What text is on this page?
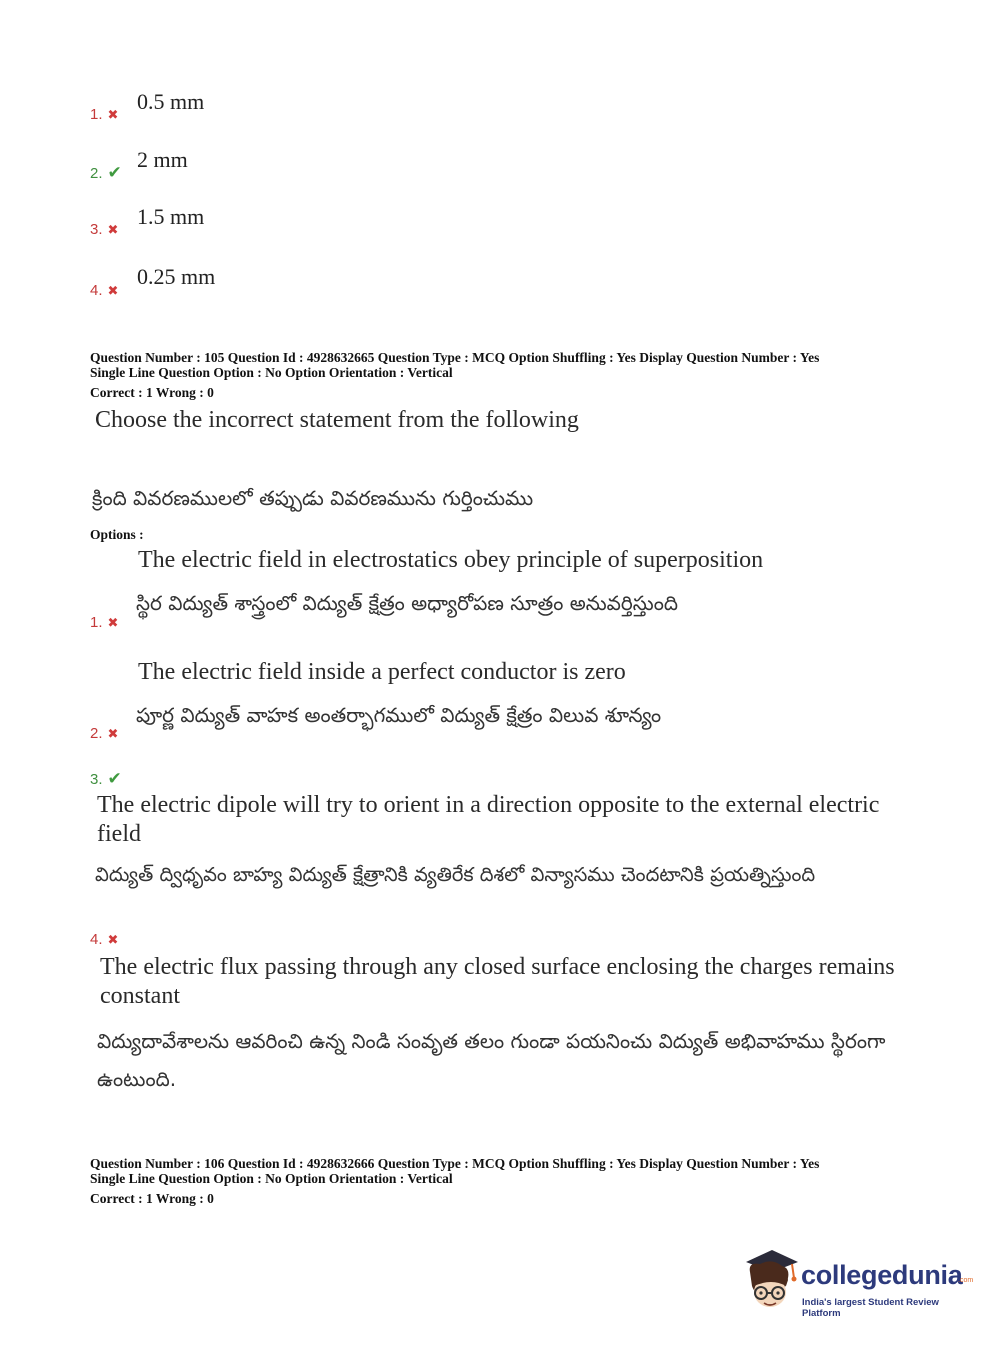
1. ✖
0.5 mm
2. ✔
2 mm
3. ✖
1.5 mm
4. ✖
0.25 mm
Question Number : 105 Question Id : 4928632665 Question Type : MCQ Option Shuffling : Yes Display Question Number : Yes
Single Line Question Option : No Option Orientation : Vertical
Correct : 1 Wrong : 0
Choose the incorrect statement from the following
క్రింది వివరణములలో తప్పుడు వివరణమును గుర్తించుము
Options :
The electric field in electrostatics obey principle of superposition
స్థిర విద్యుత్ శాస్త్రంలో విద్యుత్ క్షేత్రం అధ్యారోపణ సూత్రం అనువర్తిస్తుంది
1. ✖
The electric field inside a perfect conductor is zero
పూర్ణ విద్యుత్ వాహక అంతర్భాగములో విద్యుత్ క్షేత్రం విలువ శూన్యం
2. ✖
3. ✔
The electric dipole will try to orient in a direction opposite to the external electric field
విద్యుత్ ద్విధృవం బాహ్య విద్యుత్ క్షేత్రానికి వ్యతిరేక దిశలో విన్యాసము చెందటానికి ప్రయత్నిస్తుంది
4. ✖
The electric flux passing through any closed surface enclosing the charges remains constant
విద్యుదావేశాలను ఆవరించి ఉన్న నిండి సంవృత తలం గుండా పయనించు విద్యుత్ అభివాహము స్థిరంగా ఉంటుంది.
Question Number : 106 Question Id : 4928632666 Question Type : MCQ Option Shuffling : Yes Display Question Number : Yes
Single Line Question Option : No Option Orientation : Vertical
Correct : 1 Wrong : 0
collegedunia
.com
India's largest Student Review Platform
